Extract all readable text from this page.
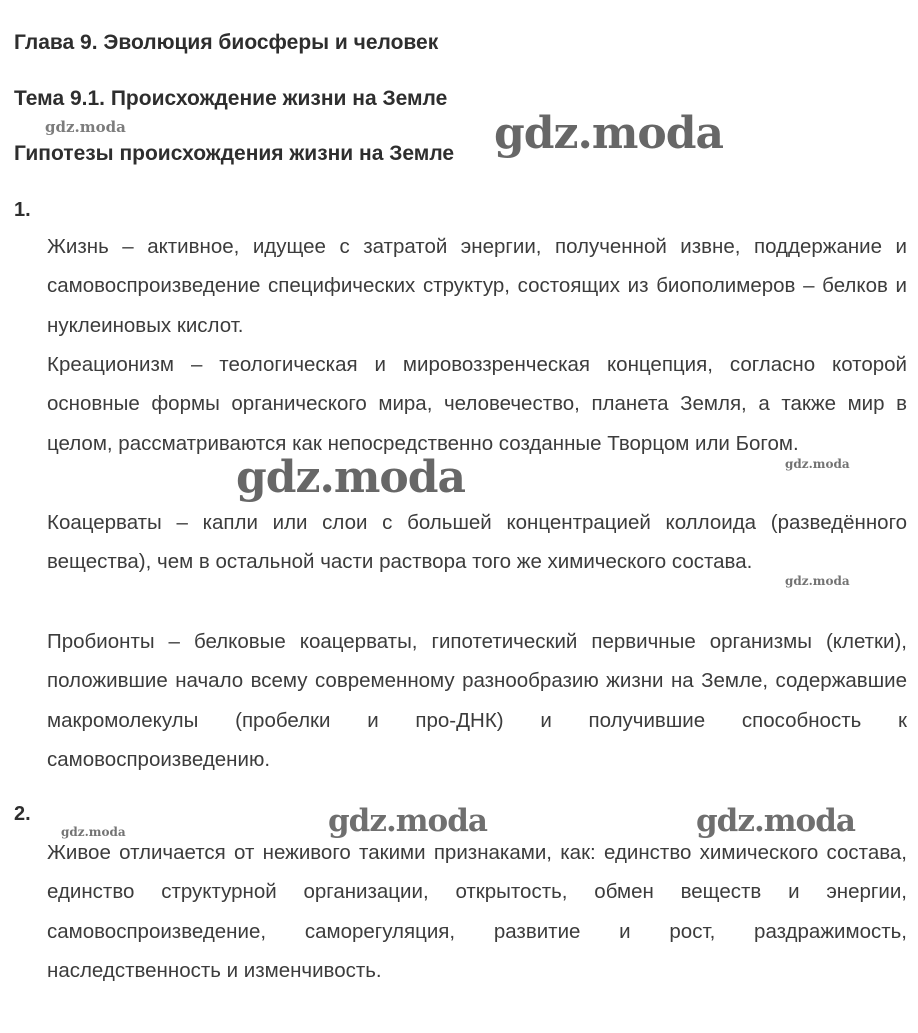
Глава 9. Эволюция биосферы и человек
Тема 9.1. Происхождение жизни на Земле
Гипотезы происхождения жизни на Земле
1.

Жизнь – активное, идущее с затратой энергии, полученной извне, поддержание и самовоспроизведение специфических структур, состоящих из биополимеров – белков и нуклеиновых кислот.

Креационизм – теологическая и мировоззренческая концепция, согласно которой основные формы органического мира, человечество, планета Земля, а также мир в целом, рассматриваются как непосредственно созданные Творцом или Богом.

Коацерваты – капли или слои с большей концентрацией коллоида (разведённого вещества), чем в остальной части раствора того же химического состава.

Пробионты – белковые коацерваты, гипотетический первичные организмы (клетки), положившие начало всему современному разнообразию жизни на Земле, содержавшие макромолекулы (пробелки и про-ДНК) и получившие способность к самовоспроизведению.

2.

Живое отличается от неживого такими признаками, как: единство химического состава, единство структурной организации, открытость, обмен веществ и энергии, самовоспроизведение, саморегуляция, развитие и рост, раздражимость, наследственность и изменчивость.

gdz.moda
gdz.moda
gdz.moda	gdz.moda
gdz.moda
gdz.moda	gdz.moda
gdz.moda
